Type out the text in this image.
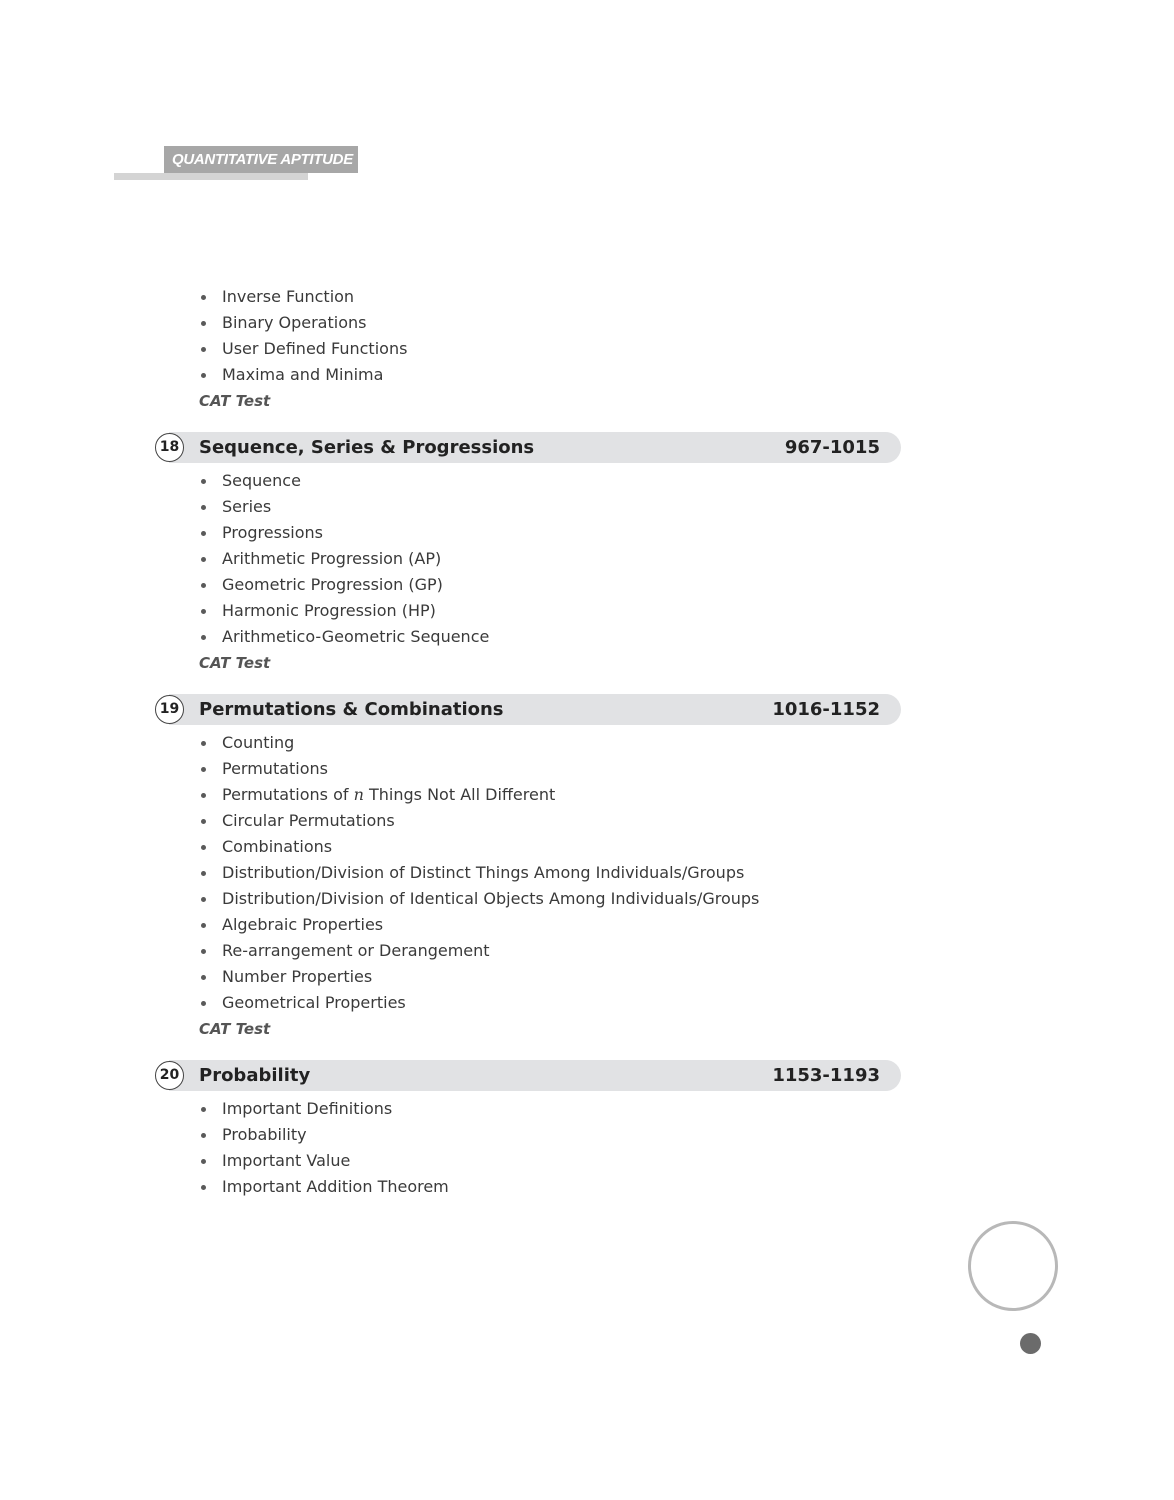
QUANTITATIVE APTITUDE
Inverse Function
Binary Operations
User Defined Functions
Maxima and Minima
CAT Test
18 Sequence, Series & Progressions	967-1015
Sequence
Series
Progressions
Arithmetic Progression (AP)
Geometric Progression (GP)
Harmonic Progression (HP)
Arithmetico-Geometric Sequence
CAT Test
19 Permutations & Combinations	1016-1152
Counting
Permutations
Permutations of n Things Not All Different
Circular Permutations
Combinations
Distribution/Division of Distinct Things Among Individuals/Groups
Distribution/Division of Identical Objects Among Individuals/Groups
Algebraic Properties
Re-arrangement or Derangement
Number Properties
Geometrical Properties
CAT Test
20 Probability	1153-1193
Important Definitions
Probability
Important Value
Important Addition Theorem
